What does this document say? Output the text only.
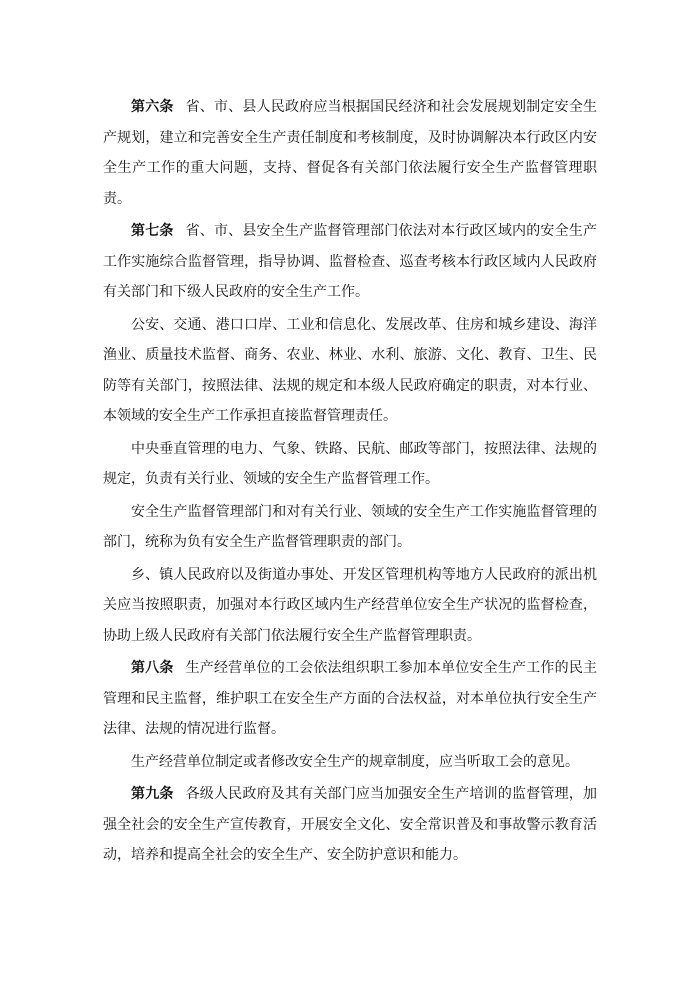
第六条 省、市、县人民政府应当根据国民经济和社会发展规划制定安全生产规划，建立和完善安全生产责任制度和考核制度，及时协调解决本行政区内安全生产工作的重大问题，支持、督促各有关部门依法履行安全生产监督管理职责。

第七条 省、市、县安全生产监督管理部门依法对本行政区域内的安全生产工作实施综合监督管理，指导协调、监督检查、巡查考核本行政区域内人民政府有关部门和下级人民政府的安全生产工作。

公安、交通、港口口岸、工业和信息化、发展改革、住房和城乡建设、海洋渔业、质量技术监督、商务、农业、林业、水利、旅游、文化、教育、卫生、民防等有关部门，按照法律、法规的规定和本级人民政府确定的职责，对本行业、本领域的安全生产工作承担直接监督管理责任。

中央垂直管理的电力、气象、铁路、民航、邮政等部门，按照法律、法规的规定，负责有关行业、领域的安全生产监督管理工作。

安全生产监督管理部门和对有关行业、领域的安全生产工作实施监督管理的部门，统称为负有安全生产监督管理职责的部门。

乡、镇人民政府以及街道办事处、开发区管理机构等地方人民政府的派出机关应当按照职责，加强对本行政区域内生产经营单位安全生产状况的监督检查，协助上级人民政府有关部门依法履行安全生产监督管理职责。

第八条 生产经营单位的工会依法组织职工参加本单位安全生产工作的民主管理和民主监督，维护职工在安全生产方面的合法权益，对本单位执行安全生产法律、法规的情况进行监督。

生产经营单位制定或者修改安全生产的规章制度，应当听取工会的意见。

第九条 各级人民政府及其有关部门应当加强安全生产培训的监督管理，加强全社会的安全生产宣传教育，开展安全文化、安全常识普及和事故警示教育活动，培养和提高全社会的安全生产、安全防护意识和能力。
